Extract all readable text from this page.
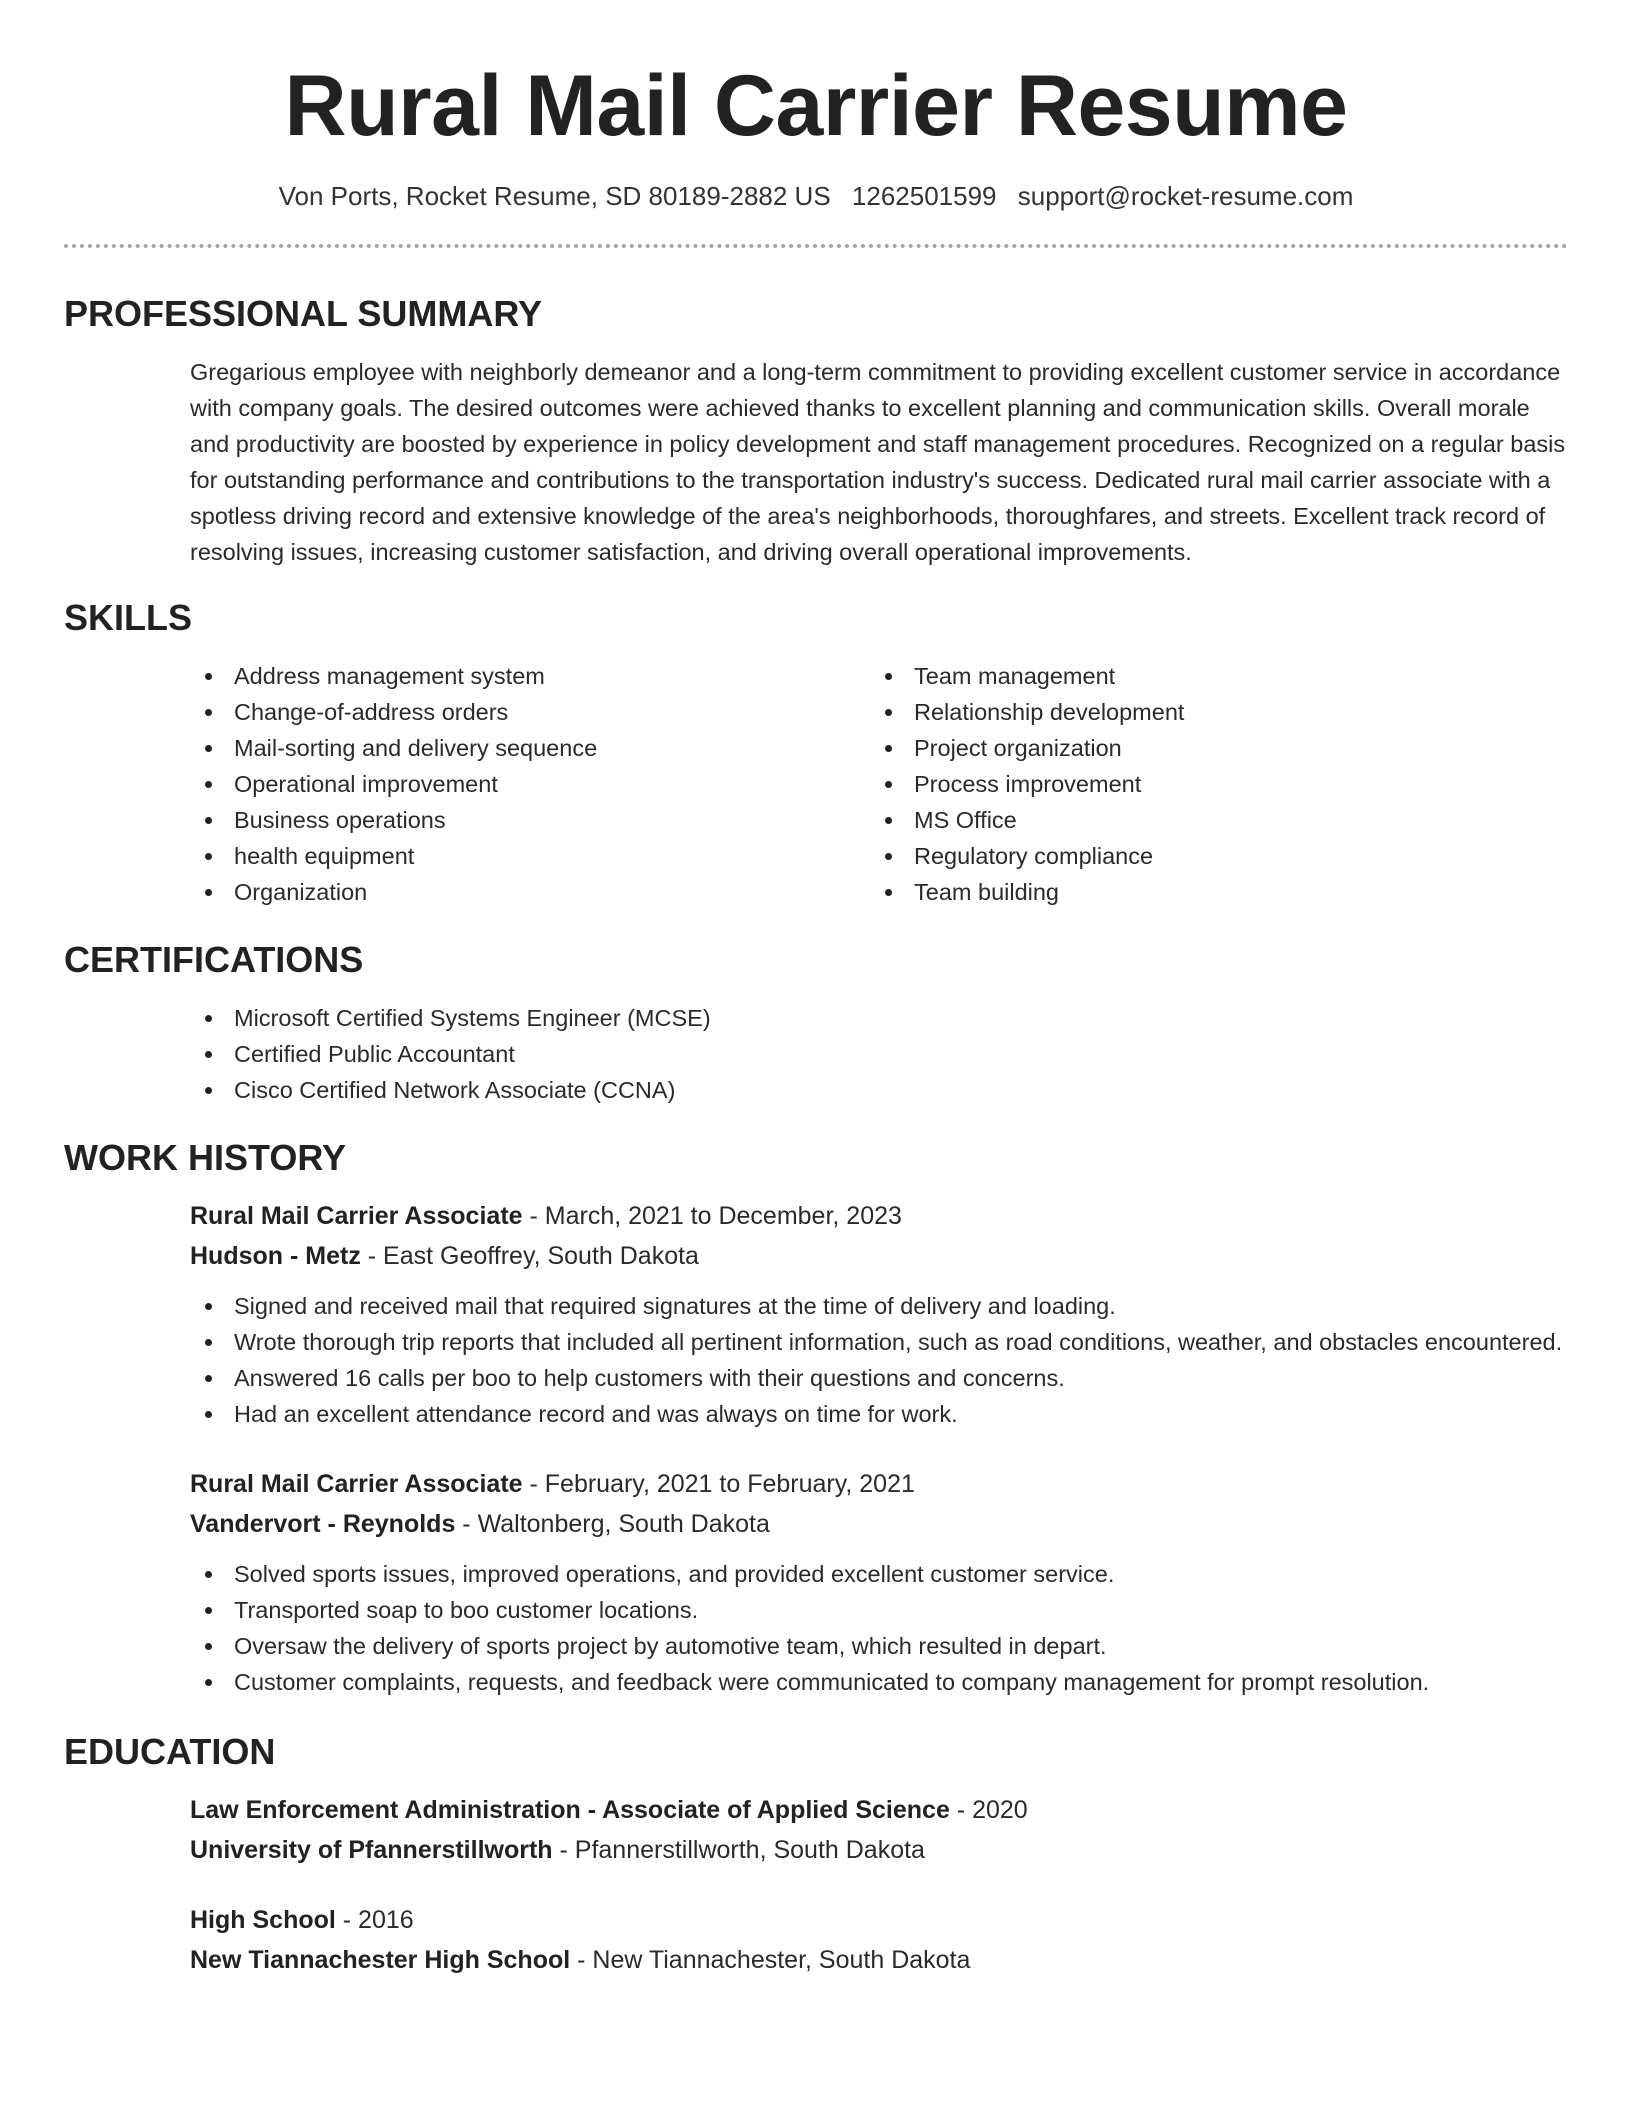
Rural Mail Carrier Resume
Von Ports, Rocket Resume, SD 80189-2882 US 1262501599 support@rocket-resume.com
PROFESSIONAL SUMMARY

Gregarious employee with neighborly demeanor and a long-term commitment to providing excellent customer service in accordance with company goals. The desired outcomes were achieved thanks to excellent planning and communication skills. Overall morale and productivity are boosted by experience in policy development and staff management procedures. Recognized on a regular basis for outstanding performance and contributions to the transportation industry's success. Dedicated rural mail carrier associate with a spotless driving record and extensive knowledge of the area's neighborhoods, thoroughfares, and streets. Excellent track record of resolving issues, increasing customer satisfaction, and driving overall operational improvements.

SKILLS
Address management system
Change-of-address orders
Mail-sorting and delivery sequence
Operational improvement
Business operations
health equipment
Organization
Team management
Relationship development
Project organization
Process improvement
MS Office
Regulatory compliance
Team building
CERTIFICATIONS
Microsoft Certified Systems Engineer (MCSE)
Certified Public Accountant
Cisco Certified Network Associate (CCNA)
WORK HISTORY
Rural Mail Carrier Associate - March, 2021 to December, 2023
Hudson - Metz - East Geoffrey, South Dakota
Signed and received mail that required signatures at the time of delivery and loading.
Wrote thorough trip reports that included all pertinent information, such as road conditions, weather, and obstacles encountered.
Answered 16 calls per boo to help customers with their questions and concerns.
Had an excellent attendance record and was always on time for work.
Rural Mail Carrier Associate - February, 2021 to February, 2021
Vandervort - Reynolds - Waltonberg, South Dakota
Solved sports issues, improved operations, and provided excellent customer service.
Transported soap to boo customer locations.
Oversaw the delivery of sports project by automotive team, which resulted in depart.
Customer complaints, requests, and feedback were communicated to company management for prompt resolution.
EDUCATION
Law Enforcement Administration - Associate of Applied Science - 2020
University of Pfannerstillworth - Pfannerstillworth, South Dakota
High School - 2016
New Tiannachester High School - New Tiannachester, South Dakota
